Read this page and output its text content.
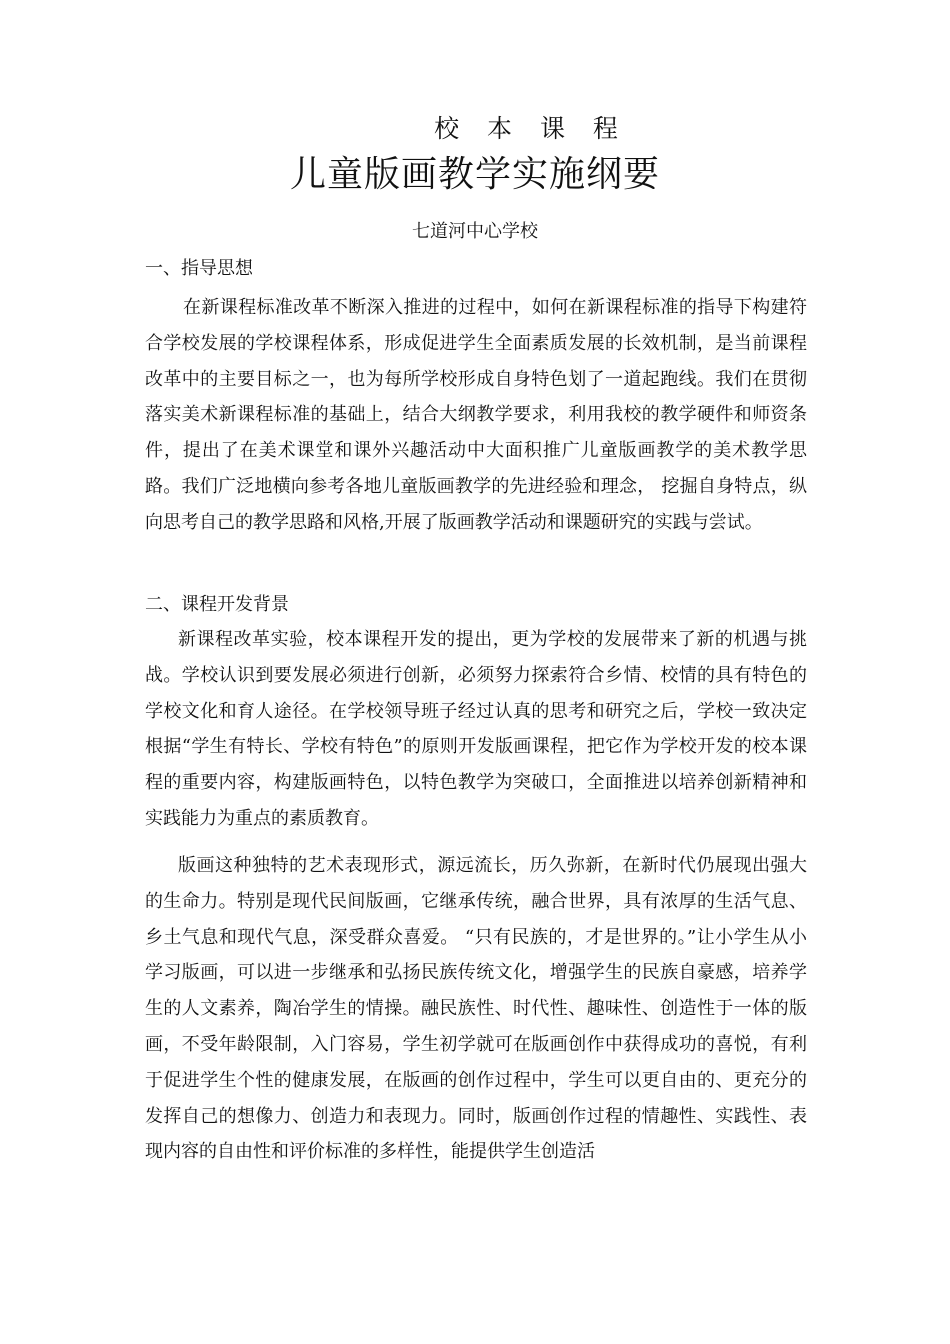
校 本 课 程
儿童版画教学实施纲要
七道河中心学校
一、指导思想

在新课程标准改革不断深入推进的过程中，如何在新课程标准的指导下构建符合学校发展的学校课程体系，形成促进学生全面素质发展的长效机制，是当前课程改革中的主要目标之一，也为每所学校形成自身特色划了一道起跑线。我们在贯彻落实美术新课程标准的基础上，结合大纲教学要求，利用我校的教学硬件和师资条件，提出了在美术课堂和课外兴趣活动中大面积推广儿童版画教学的美术教学思路。我们广泛地横向参考各地儿童版画教学的先进经验和理念， 挖掘自身特点，纵向思考自己的教学思路和风格,开展了版画教学活动和课题研究的实践与尝试。

二、课程开发背景

新课程改革实验，校本课程开发的提出，更为学校的发展带来了新的机遇与挑战。学校认识到要发展必须进行创新，必须努力探索符合乡情、校情的具有特色的学校文化和育人途径。在学校领导班子经过认真的思考和研究之后，学校一致决定根据“学生有特长、学校有特色”的原则开发版画课程，把它作为学校开发的校本课程的重要内容，构建版画特色，以特色教学为突破口，全面推进以培养创新精神和实践能力为重点的素质教育。

版画这种独特的艺术表现形式，源远流长，历久弥新，在新时代仍展现出强大的生命力。特别是现代民间版画，它继承传统，融合世界，具有浓厚的生活气息、乡土气息和现代气息，深受群众喜爱。 “只有民族的，才是世界的。”让小学生从小学习版画，可以进一步继承和弘扬民族传统文化，增强学生的民族自豪感，培养学生的人文素养，陶冶学生的情操。融民族性、时代性、趣味性、创造性于一体的版画，不受年龄限制，入门容易，学生初学就可在版画创作中获得成功的喜悦，有利于促进学生个性的健康发展，在版画的创作过程中，学生可以更自由的、更充分的发挥自己的想像力、创造力和表现力。同时，版画创作过程的情趣性、实践性、表现内容的自由性和评价标准的多样性，能提供学生创造活
